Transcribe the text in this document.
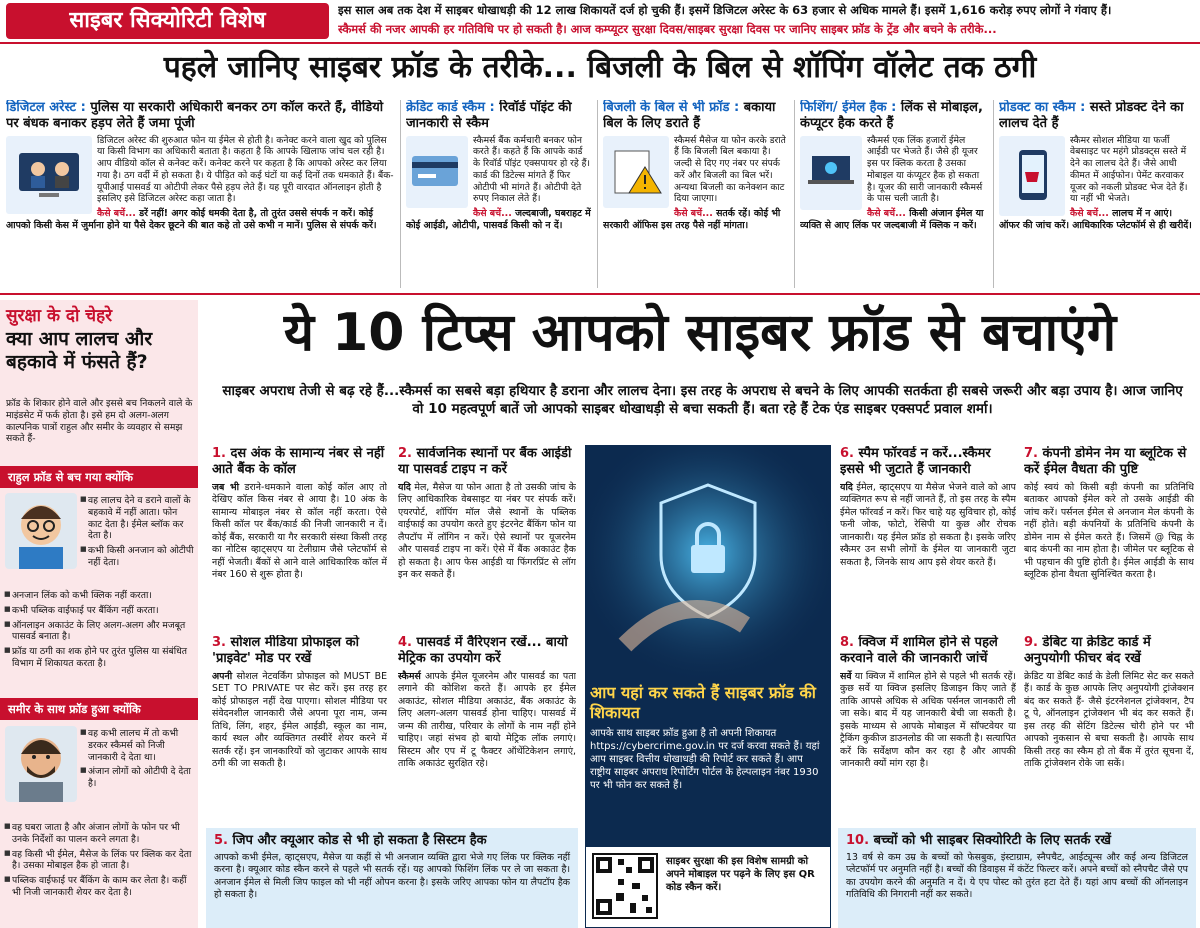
साइबर सिक्योरिटी विशेष	इस साल अब तक देश में साइबर धोखाधड़ी की 12 लाख शिकायतें दर्ज हो चुकी हैं। इसमें डिजिटल अरेस्ट के 63 हजार से अधिक मामले हैं। इसमें 1,616 करोड़ रुपए लोगों ने गंवाए हैं।
स्कैमर्स की नजर आपकी हर गतिविधि पर हो सकती है। आज कम्प्यूटर सुरक्षा दिवस/साइबर सुरक्षा दिवस पर जानिए साइबर फ्रॉड के ट्रेंड और बचने के तरीके...
पहले जानिए साइबर फ्रॉड के तरीके... बिजली के बिल से शॉपिंग वॉलेट तक ठगी
डिजिटल अरेस्ट : पुलिस या सरकारी अधिकारी बनकर ठग कॉल करते हैं, वीडियो पर बंधक बनाकर हड़प लेते हैं जमा पूंजी

डिजिटल अरेस्ट की शुरुआत फोन या ईमेल से होती है। कनेक्ट करने वाला खुद को पुलिस या किसी विभाग का अधिकारी बताता है। कहता है कि आपके खिलाफ जांच चल रही है। आप वीडियो कॉल से कनेक्ट करें। कनेक्ट करने पर कहता है कि आपको अरेस्ट कर लिया गया है। ठग वर्दी में हो सकता है। ये पीड़ित को कई घंटों या कई दिनों तक धमकाते हैं। बैंक-यूपीआई पासवर्ड या ओटीपी लेकर पैसे हड़प लेते हैं। यह पूरी वारदात ऑनलाइन होती है इसलिए इसे डिजिटल अरेस्ट कहा जाता है।

कैसे बचें... डरें नहीं! अगर कोई धमकी देता है, तो तुरंत उससे संपर्क न करें। कोई आपको किसी केस में जुर्माना होने या पैसे देकर छूटने की बात कहे तो उसे कभी न मानें। पुलिस से संपर्क करें।
क्रेडिट कार्ड स्कैम : रिवॉर्ड पॉइंट की जानकारी से स्कैम

स्कैमर्स बैंक कर्मचारी बनकर फोन करते हैं। कहते हैं कि आपके कार्ड के रिवॉर्ड पॉइंट एक्सपायर हो रहे हैं। कार्ड की डिटेल्स मांगते हैं फिर ओटीपी भी मांगते हैं। ओटीपी देते रुपए निकाल लेते हैं।

कैसे बचें... जल्दबाजी, घबराहट में कोई आईडी, ओटीपी, पासवर्ड किसी को न दें।
बिजली के बिल से भी फ्रॉड : बकाया बिल के लिए डराते हैं

स्कैमर्स मैसेज या फोन करके डराते हैं कि बिजली बिल बकाया है। जल्दी से दिए गए नंबर पर संपर्क करें और बिजली का बिल भरें। अन्यथा बिजली का कनेक्शन काट दिया जाएगा।

कैसे बचें... सतर्क रहें। कोई भी सरकारी ऑफिस इस तरह पैसे नहीं मांगता।
फिशिंग/ ईमेल हैक : लिंक से मोबाइल, कंप्यूटर हैक करते हैं

स्कैमर्स एक लिंक हजारों ईमेल आईडी पर भेजते हैं। जैसे ही यूजर इस पर क्लिक करता है उसका मोबाइल या कंप्यूटर हैक हो सकता है। यूजर की सारी जानकारी स्कैमर्स के पास चली जाती है।

कैसे बचें... किसी अंजान ईमेल या व्यक्ति से आए लिंक पर जल्दबाजी में क्लिक न करें।
प्रोडक्ट का स्कैम : सस्ते प्रोडक्ट देने का लालच देते हैं

स्कैमर सोशल मीडिया या फर्जी वेबसाइट पर महंगे प्रोडक्ट्स सस्ते में देने का लालच देते हैं। जैसे आधी कीमत में आईफोन। पेमेंट करवाकर यूजर को नकली प्रोडक्ट भेज देते हैं। या नहीं भी भेजते।

कैसे बचें... लालच में न आएं। ऑफर की जांच करें। आधिकारिक प्लेटफॉर्म से ही खरीदें।
सुरक्षा के दो चेहरे
क्या आप लालच और बहकावे में फंसते हैं?
फ्रॉड के शिकार होने वाले और इससे बच निकलने वाले के माइंडसेट में फर्क होता है। इसे हम दो अलग-अलग काल्पनिक पात्रों राहुल और समीर के व्यवहार से समझ सकते हैं-
राहुल फ्रॉड से बच गया क्योंकि
■ वह लालच देने व डराने वालों के बहकावे में नहीं आता। फोन काट देता है। ईमेल ब्लॉक कर देता है।
■ कभी किसी अनजान को ओटीपी नहीं देता।
■ अनजान लिंक को कभी क्लिक नहीं करता।
■ कभी पब्लिक वाईफाई पर बैंकिंग नहीं करता।
■ ऑनलाइन अकाउंट के लिए अलग-अलग और मजबूत पासवर्ड बनाता है।
■ फ्रॉड या ठगी का शक होने पर तुरंत पुलिस या संबंधित विभाग में शिकायत करता है।
समीर के साथ फ्रॉड हुआ क्योंकि
■ वह कभी लालच में तो कभी डरकर स्कैमर्स को निजी जानकारी दे देता था।
■ अंजान लोगों को ओटीपी दे देता है।
■ वह घबरा जाता है और अंजान लोगों के फोन पर भी उनके निर्देशों का पालन करने लगता है।
■ वह किसी भी ईमेल, मैसेज के लिंक पर क्लिक कर देता है। उसका मोबाइल हैक हो जाता है।
■ पब्लिक वाईफाई पर बैंकिंग के काम कर लेता है। कहीं भी निजी जानकारी शेयर कर देता है।
ये 10 टिप्स आपको साइबर फ्रॉड से बचाएंगे
साइबर अपराध तेजी से बढ़ रहे हैं...स्कैमर्स का सबसे बड़ा हथियार है डराना और लालच देना। इस तरह के अपराध से बचने के लिए आपकी सतर्कता ही सबसे जरूरी और बड़ा उपाय है। आज जानिए वो 10 महत्वपूर्ण बातें जो आपको साइबर धोखाधड़ी से बचा सकती हैं। बता रहे हैं टेक एंड साइबर एक्सपर्ट प्रवाल शर्मा।
1. दस अंक के सामान्य नंबर से नहीं आते बैंक के कॉल

जब भी डराने-धमकाने वाला कोई कॉल आए तो देखिए कॉल किस नंबर से आया है। 10 अंक के सामान्य मोबाइल नंबर से कॉल नहीं करता। ऐसे किसी कॉल पर बैंक/कार्ड की निजी जानकारी न दें। कोई बैंक, सरकारी या गैर सरकारी संस्था किसी तरह का नोटिस व्हाट्सएप या टेलीग्राम जैसे प्लेटफॉर्म से नहीं भेजती। बैंकों से आने वाले आधिकारिक कॉल में नंबर 160 से शुरू होता है।

2. सार्वजनिक स्थानों पर बैंक आईडी या पासवर्ड टाइप न करें

यदि मेल, मैसेज या फोन आता है तो उसकी जांच के लिए आधिकारिक वेबसाइट या नंबर पर संपर्क करें। एयरपोर्ट, शॉपिंग मॉल जैसे स्थानों के पब्लिक वाईफाई का उपयोग करते हुए इंटरनेट बैंकिंग फोन या लैपटॉप में लॉगिन न करें। ऐसे स्थानों पर यूजरनेम और पासवर्ड टाइप ना करें। ऐसे में बैंक अकाउंट हैक हो सकता है। आप फेस आईडी या फिंगरप्रिंट से लॉग इन कर सकते हैं।

3. सोशल मीडिया प्रोफाइल को 'प्राइवेट' मोड पर रखें

अपनी सोशल नेटवर्किंग प्रोफाइल को MUST BE SET TO PRIVATE पर सेट करें। इस तरह हर कोई प्रोफाइल नहीं देख पाएगा। सोशल मीडिया पर संवेदनशील जानकारी जैसे अपना पूरा नाम, जन्म तिथि, लिंग, शहर, ईमेल आईडी, स्कूल का नाम, कार्य स्थल और व्यक्तिगत तस्वीरें शेयर करने में सतर्क रहें। इन जानकारियों को जुटाकर आपके साथ ठगी की जा सकती है।

4. पासवर्ड में वैरिएशन रखें... बायो मेट्रिक का उपयोग करें

स्कैमर्स आपके ईमेल यूजरनेम और पासवर्ड का पता लगाने की कोशिश करते हैं। आपके हर ईमेल अकाउंट, सोशल मीडिया अकाउंट, बैंक अकाउंट के लिए अलग-अलग पासवर्ड होना चाहिए। पासवर्ड में जन्म की तारीख, परिवार के लोगों के नाम नहीं होने चाहिए। जहां संभव हो बायो मेट्रिक लॉक लगाएं। सिस्टम और एप में टू फैक्टर ऑथेंटिकेशन लगाएं, ताकि अकाउंट सुरक्षित रहे।

5. जिप और क्यूआर कोड से भी हो सकता है सिस्टम हैक

आपको कभी ईमेल, व्हाट्सएप, मैसेज या कहीं से भी अनजान व्यक्ति द्वारा भेजे गए लिंक पर क्लिक नहीं करना है। क्यूआर कोड स्कैन करने से पहले भी सतर्क रहें। यह आपको फिशिंग लिंक पर ले जा सकता है। अनजान ईमेल से मिली जिप फाइल को भी नहीं ओपन करना है। इसके जरिए आपका फोन या लैपटॉप हैक हो सकता है।

आप यहां कर सकते हैं साइबर फ्रॉड की शिकायत
आपके साथ साइबर फ्रॉड हुआ है तो अपनी शिकायत https://cybercrime.gov.in पर दर्ज करवा सकते हैं। यहां आप साइबर वित्तीय धोखाधड़ी की रिपोर्ट कर सकते हैं। आप राष्ट्रीय साइबर अपराध रिपोर्टिंग पोर्टल के हेल्पलाइन नंबर 1930 पर भी फोन कर सकते हैं।
साइबर सुरक्षा की इस विशेष सामग्री को अपने मोबाइल पर पढ़ने के लिए इस QR कोड स्कैन करें।
6. स्पैम फॉरवर्ड न करें...स्कैमर इससे भी जुटाते हैं जानकारी

यदि ईमेल, व्हाट्सएप या मैसेज भेजने वाले को आप व्यक्तिगत रूप से नहीं जानते हैं, तो इस तरह के स्पैम ईमेल फॉरवर्ड न करें। फिर चाहे यह सुविचार हो, कोई फनी जोक, फोटो, रेसिपी या कुछ और रोचक जानकारी। यह ईमेल फ्रॉड हो सकता है। इसके जरिए स्कैमर उन सभी लोगों के ईमेल या जानकारी जुटा सकता है, जिनके साथ आप इसे शेयर करते हैं।

7. कंपनी डोमेन नेम या ब्लूटिक से करें ईमेल वैधता की पुष्टि

कोई स्वयं को किसी बड़ी कंपनी का प्रतिनिधि बताकर आपको ईमेल करे तो उसके आईडी की जांच करें। पर्सनल ईमेल से अनजान मेल कंपनी के नहीं होते। बड़ी कंपनियों के प्रतिनिधि कंपनी के डोमेन नाम से ईमेल करते हैं। जिसमें @ चिह्न के बाद कंपनी का नाम होता है। जीमेल पर ब्लूटिक से भी पहचान की पुष्टि होती है। ईमेल आईडी के साथ ब्लूटिक होना वैधता सुनिश्चित करता है।

8. क्विज में शामिल होने से पहले करवाने वाले की जानकारी जांचें

सर्वे या क्विज में शामिल होने से पहले भी सतर्क रहें। कुछ सर्वे या क्विज इसलिए डिजाइन किए जाते हैं ताकि आपसे अधिक से अधिक पर्सनल जानकारी ली जा सके। बाद में यह जानकारी बेची जा सकती है। इसके माध्यम से आपके मोबाइल में सॉफ्टवेयर या ट्रैकिंग कुकीज डाउनलोड की जा सकती है। सत्यापित करें कि सर्वेक्षण कौन कर रहा है और आपकी जानकारी क्यों मांग रहा है।

9. डेबिट या क्रेडिट कार्ड में अनुपयोगी फीचर बंद रखें

क्रेडिट या डेबिट कार्ड के डेली लिमिट सेट कर सकते हैं। कार्ड के कुछ आपके लिए अनुपयोगी ट्रांजेक्शन बंद कर सकते हैं- जैसे इंटरनेशनल ट्रांजेक्शन, टैप टू पे, ऑनलाइन ट्रांजेक्शन भी बंद कर सकते हैं। इस तरह की सेटिंग डिटेल्स चोरी होने पर भी आपको नुकसान से बचा सकती है। आपके साथ किसी तरह का स्कैम हो तो बैंक में तुरंत सूचना दें, ताकि ट्रांजेक्शन रोके जा सकें।

10. बच्चों को भी साइबर सिक्योरिटी के लिए सतर्क रखें

13 वर्ष से कम उम्र के बच्चों को फेसबुक, इंस्टाग्राम, स्नैपचैट, आईट्यून्स और कई अन्य डिजिटल प्लेटफॉर्म पर अनुमति नहीं है। बच्चों की डिवाइस में कंटेंट फिल्टर करें। अपने बच्चों को स्नैपचैट जैसे एप का उपयोग करने की अनुमति न दें। ये एप पोस्ट को तुरंत हटा देते हैं। यहां आप बच्चों की ऑनलाइन गतिविधि की निगरानी नहीं कर सकते।
